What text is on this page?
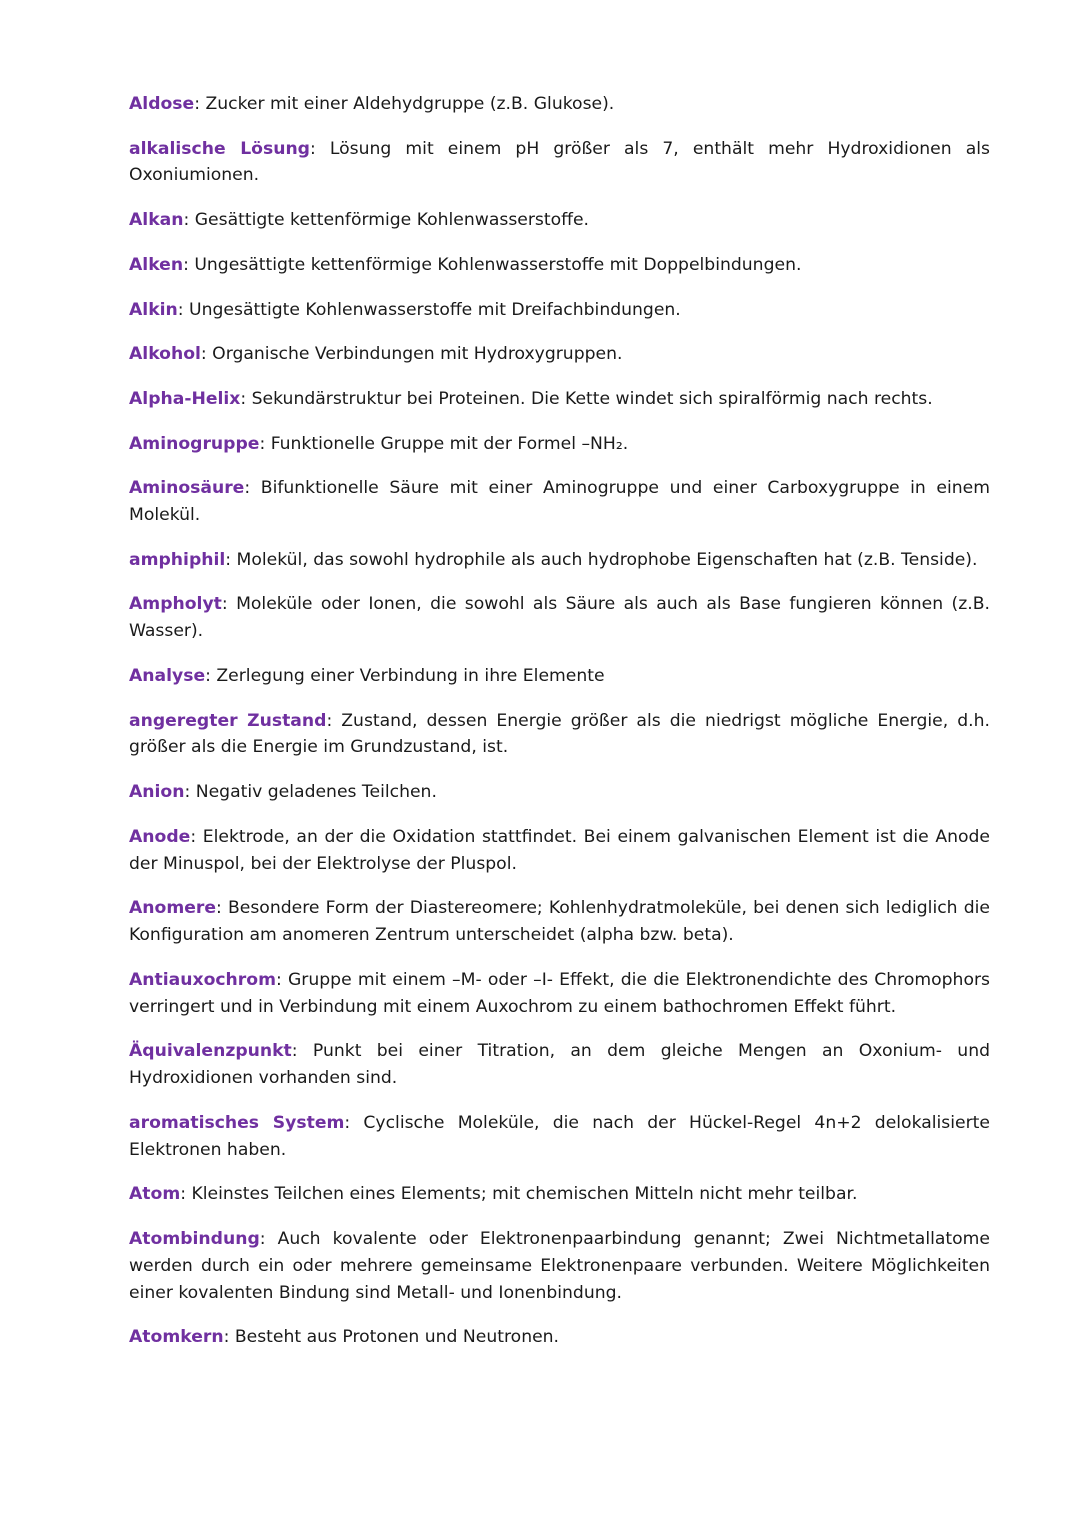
Aldose: Zucker mit einer Aldehydgruppe (z.B. Glukose).

alkalische Lösung: Lösung mit einem pH größer als 7, enthält mehr Hydroxidionen als Oxoniumionen.

Alkan: Gesättigte kettenförmige Kohlenwasserstoffe.

Alken: Ungesättigte kettenförmige Kohlenwasserstoffe mit Doppelbindungen.

Alkin: Ungesättigte Kohlenwasserstoffe mit Dreifachbindungen.

Alkohol: Organische Verbindungen mit Hydroxygruppen.

Alpha-Helix: Sekundärstruktur bei Proteinen. Die Kette windet sich spiralförmig nach rechts.

Aminogruppe: Funktionelle Gruppe mit der Formel –NH₂.

Aminosäure: Bifunktionelle Säure mit einer Aminogruppe und einer Carboxygruppe in einem Molekül.

amphiphil: Molekül, das sowohl hydrophile als auch hydrophobe Eigenschaften hat (z.B. Tenside).

Ampholyt: Moleküle oder Ionen, die sowohl als Säure als auch als Base fungieren können (z.B. Wasser).

Analyse: Zerlegung einer Verbindung in ihre Elemente

angeregter Zustand: Zustand, dessen Energie größer als die niedrigst mögliche Energie, d.h. größer als die Energie im Grundzustand, ist.

Anion: Negativ geladenes Teilchen.

Anode: Elektrode, an der die Oxidation stattfindet. Bei einem galvanischen Element ist die Anode der Minuspol, bei der Elektrolyse der Pluspol.

Anomere: Besondere Form der Diastereomere; Kohlenhydratmoleküle, bei denen sich lediglich die Konfiguration am anomeren Zentrum unterscheidet (alpha bzw. beta).

Antiauxochrom: Gruppe mit einem –M- oder –I- Effekt, die die Elektronendichte des Chromophors verringert und in Verbindung mit einem Auxochrom zu einem bathochromen Effekt führt.

Äquivalenzpunkt: Punkt bei einer Titration, an dem gleiche Mengen an Oxonium- und Hydroxidionen vorhanden sind.

aromatisches System: Cyclische Moleküle, die nach der Hückel-Regel 4n+2 delokalisierte Elektronen haben.

Atom: Kleinstes Teilchen eines Elements; mit chemischen Mitteln nicht mehr teilbar.

Atombindung: Auch kovalente oder Elektronenpaarbindung genannt; Zwei Nichtmetallatome werden durch ein oder mehrere gemeinsame Elektronenpaare verbunden. Weitere Möglichkeiten einer kovalenten Bindung sind Metall- und Ionenbindung.

Atomkern: Besteht aus Protonen und Neutronen.
